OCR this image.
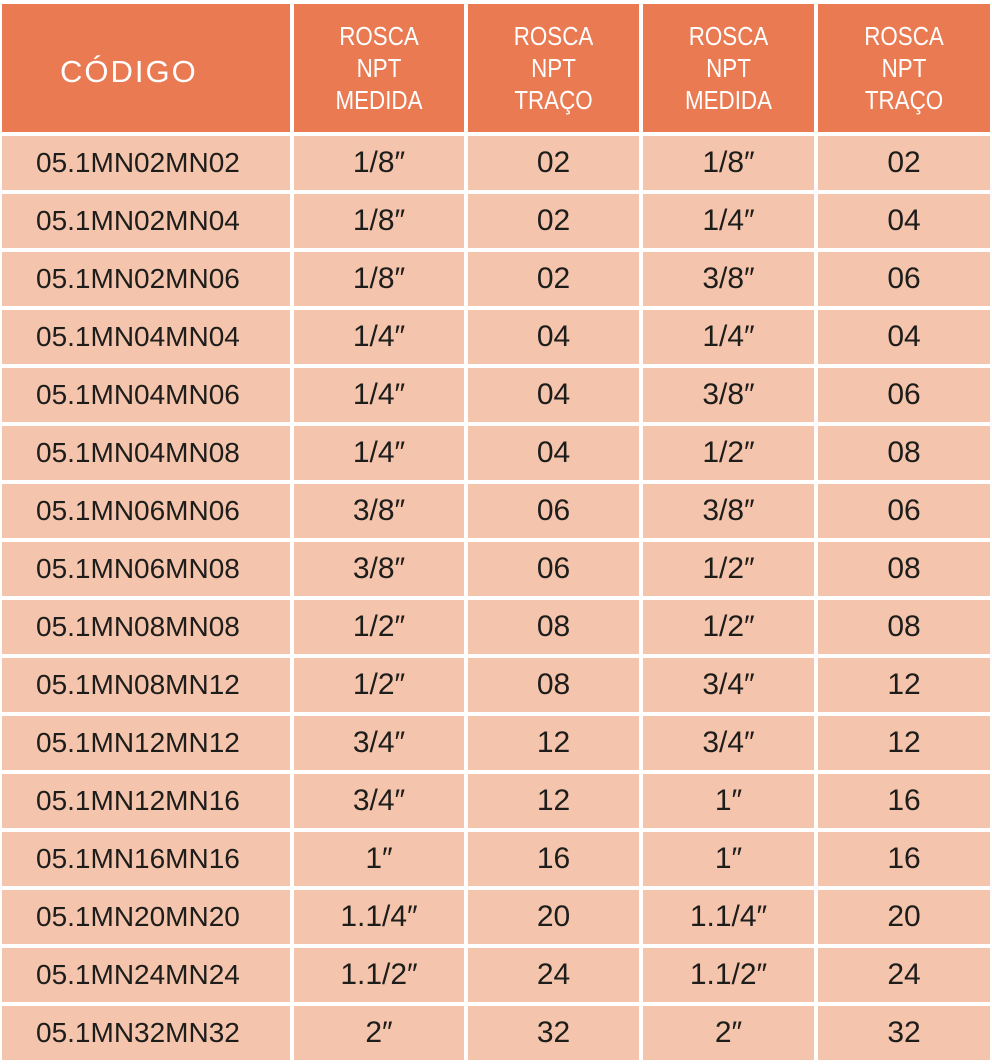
CÓDIGO	ROSCA
NPT
MEDIDA	ROSCA
NPT
TRAÇO	ROSCA
NPT
MEDIDA	ROSCA
NPT
TRAÇO

05.1MN02MN02	1/8″	02	1/8″	02
05.1MN02MN04	1/8″	02	1/4″	04
05.1MN02MN06	1/8″	02	3/8″	06
05.1MN04MN04	1/4″	04	1/4″	04
05.1MN04MN06	1/4″	04	3/8″	06
05.1MN04MN08	1/4″	04	1/2″	08
05.1MN06MN06	3/8″	06	3/8″	06
05.1MN06MN08	3/8″	06	1/2″	08
05.1MN08MN08	1/2″	08	1/2″	08
05.1MN08MN12	1/2″	08	3/4″	12
05.1MN12MN12	3/4″	12	3/4″	12
05.1MN12MN16	3/4″	12	1″	16
05.1MN16MN16	1″	16	1″	16
05.1MN20MN20	1.1/4″	20	1.1/4″	20
05.1MN24MN24	1.1/2″	24	1.1/2″	24
05.1MN32MN32	2″	32	2″	32
